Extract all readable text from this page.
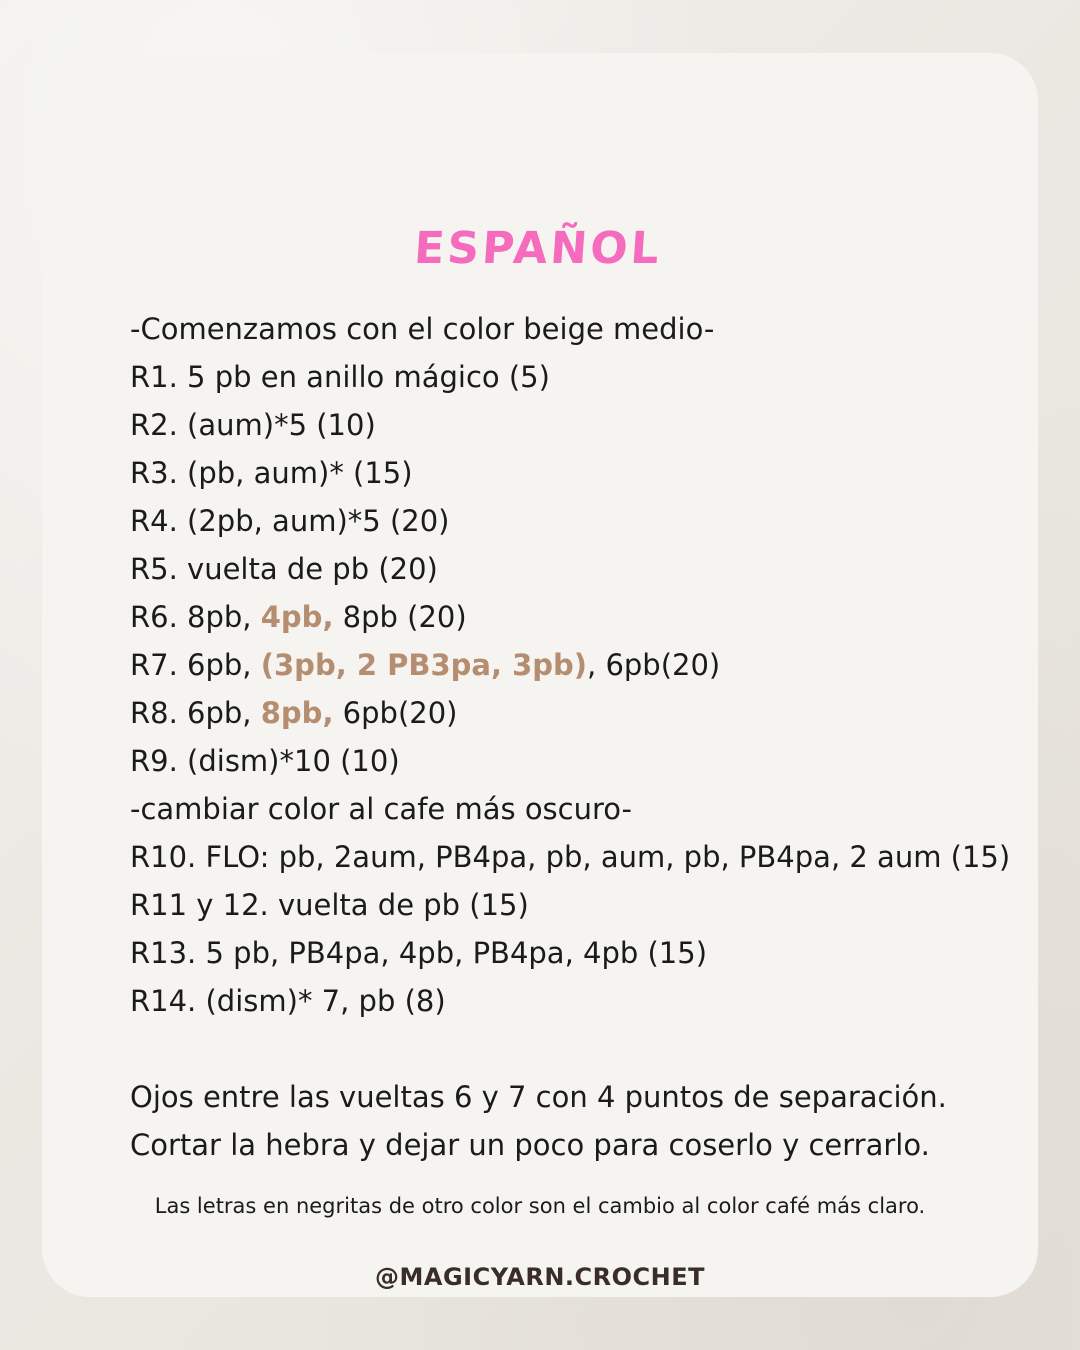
ESPAÑOL
-Comenzamos con el color beige medio-
R1. 5 pb en anillo mágico (5)
R2. (aum)*5 (10)
R3. (pb, aum)* (15)
R4. (2pb, aum)*5 (20)
R5. vuelta de pb (20)
R6. 8pb, 4pb, 8pb (20)
R7. 6pb, (3pb, 2 PB3pa, 3pb), 6pb(20)
R8. 6pb, 8pb, 6pb(20)
R9. (dism)*10 (10)
-cambiar color al cafe más oscuro-
R10. FLO: pb, 2aum, PB4pa, pb, aum, pb, PB4pa, 2 aum (15)
R11 y 12. vuelta de pb (15)
R13. 5 pb, PB4pa, 4pb, PB4pa, 4pb (15)
R14. (dism)* 7, pb (8)
Ojos entre las vueltas 6 y 7 con 4 puntos de separación.
Cortar la hebra y dejar un poco para coserlo y cerrarlo.
Las letras en negritas de otro color son el cambio al color café más claro.
@MAGICYARN.CROCHET
